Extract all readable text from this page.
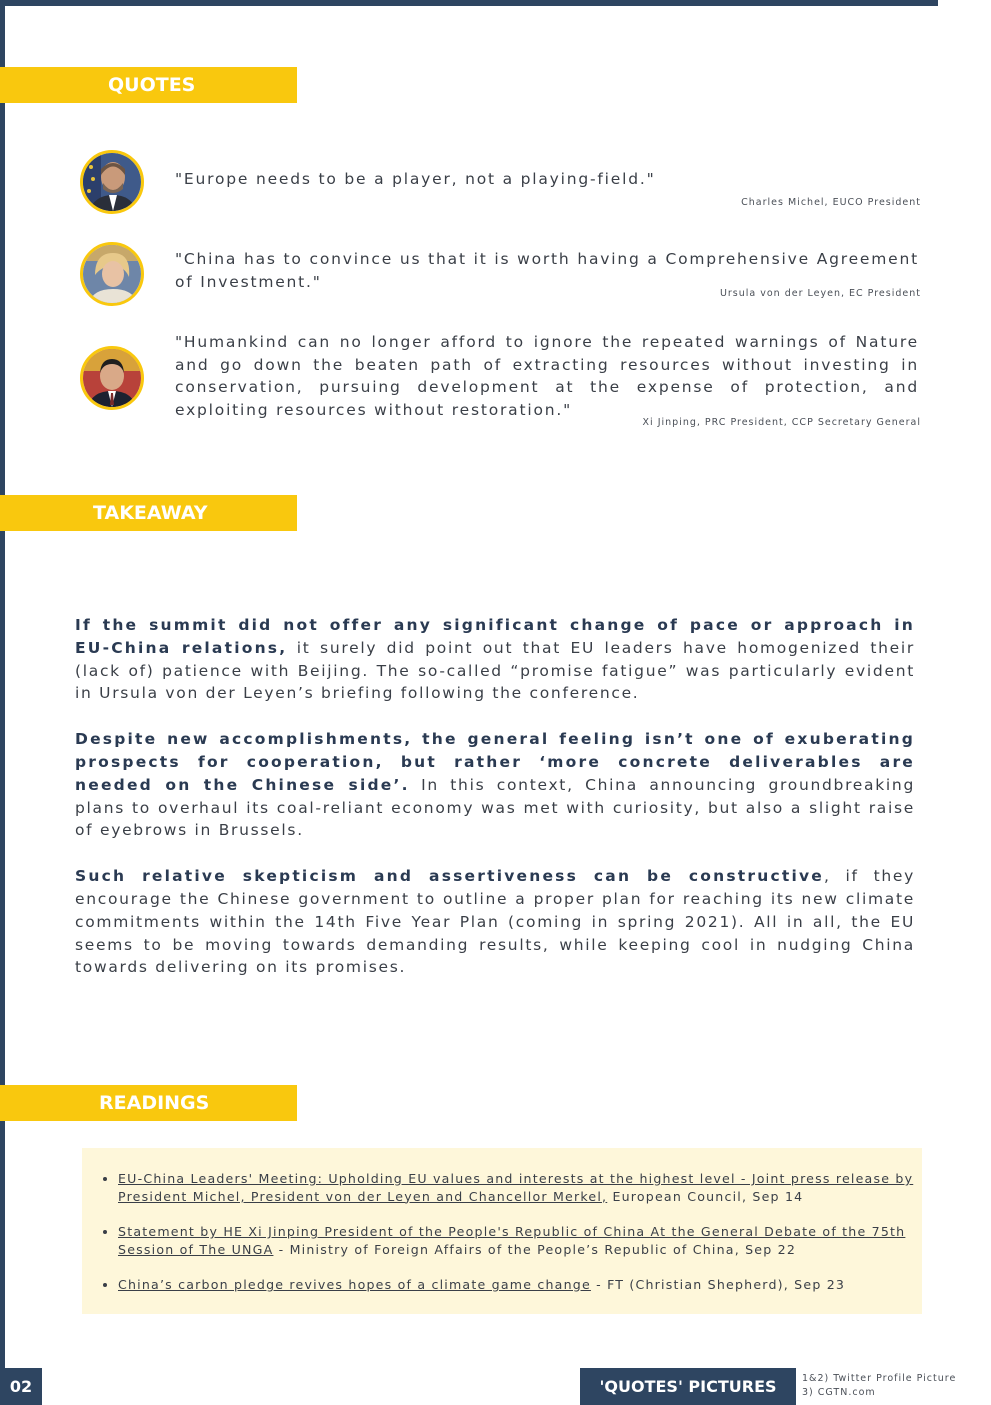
QUOTES
"Europe needs to be a player, not a playing-field."
Charles Michel, EUCO President
"China has to convince us that it is worth having a Comprehensive Agreement of Investment."
Ursula von der Leyen, EC President
"Humankind can no longer afford to ignore the repeated warnings of Nature and go down the beaten path of extracting resources without investing in conservation, pursuing development at the expense of protection, and exploiting resources without restoration."
Xi Jinping, PRC President, CCP Secretary General
TAKEAWAY

If the summit did not offer any significant change of pace or approach in EU-China relations, it surely did point out that EU leaders have homogenized their (lack of) patience with Beijing. The so-called “promise fatigue” was particularly evident in Ursula von der Leyen’s briefing following the conference.

Despite new accomplishments, the general feeling isn’t one of exuberating prospects for cooperation, but rather ‘more concrete deliverables are needed on the Chinese side’. In this context, China announcing groundbreaking plans to overhaul its coal-reliant economy was met with curiosity, but also a slight raise of eyebrows in Brussels.

Such relative skepticism and assertiveness can be constructive, if they encourage the Chinese government to outline a proper plan for reaching its new climate commitments within the 14th Five Year Plan (coming in spring 2021). All in all, the EU seems to be moving towards demanding results, while keeping cool in nudging China towards delivering on its promises.

READINGS
• EU-China Leaders' Meeting: Upholding EU values and interests at the highest level - Joint press release by President Michel, President von der Leyen and Chancellor Merkel, European Council, Sep 14
• Statement by HE Xi Jinping President of the People's Republic of China At the General Debate of the 75th Session of The UNGA - Ministry of Foreign Affairs of the People’s Republic of China, Sep 22
• China’s carbon pledge revives hopes of a climate game change - FT (Christian Shepherd), Sep 23
02	'QUOTES' PICTURES	1&2) Twitter Profile Picture
3) CGTN.com
